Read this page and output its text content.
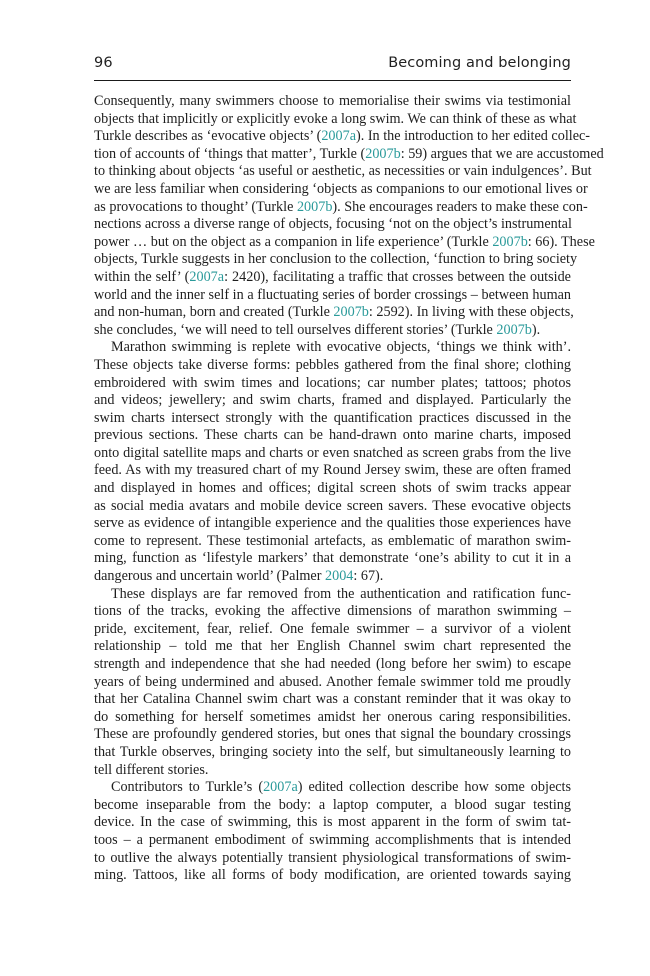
96	Becoming and belonging

Consequently, many swimmers choose to memorialise their swims via testimonial
objects that implicitly or explicitly evoke a long swim. We can think of these as what
Turkle describes as ‘evocative objects’ (2007a). In the introduction to her edited collec-
tion of accounts of ‘things that matter’, Turkle (2007b: 59) argues that we are accustomed
to thinking about objects ‘as useful or aesthetic, as necessities or vain indulgences’. But
we are less familiar when considering ‘objects as companions to our emotional lives or
as provocations to thought’ (Turkle 2007b). She encourages readers to make these con-
nections across a diverse range of objects, focusing ‘not on the object’s instrumental
power … but on the object as a companion in life experience’ (Turkle 2007b: 66). These
objects, Turkle suggests in her conclusion to the collection, ‘function to bring society
within the self’ (2007a: 2420), facilitating a traffic that crosses between the outside
world and the inner self in a fluctuating series of border crossings – between human
and non-human, born and created (Turkle 2007b: 2592). In living with these objects,
she concludes, ‘we will need to tell ourselves different stories’ (Turkle 2007b).

Marathon swimming is replete with evocative objects, ‘things we think with’.
These objects take diverse forms: pebbles gathered from the final shore; clothing
embroidered with swim times and locations; car number plates; tattoos; photos
and videos; jewellery; and swim charts, framed and displayed. Particularly the
swim charts intersect strongly with the quantification practices discussed in the
previous sections. These charts can be hand-drawn onto marine charts, imposed
onto digital satellite maps and charts or even snatched as screen grabs from the live
feed. As with my treasured chart of my Round Jersey swim, these are often framed
and displayed in homes and offices; digital screen shots of swim tracks appear
as social media avatars and mobile device screen savers. These evocative objects
serve as evidence of intangible experience and the qualities those experiences have
come to represent. These testimonial artefacts, as emblematic of marathon swim-
ming, function as ‘lifestyle markers’ that demonstrate ‘one’s ability to cut it in a
dangerous and uncertain world’ (Palmer 2004: 67).

These displays are far removed from the authentication and ratification func-
tions of the tracks, evoking the affective dimensions of marathon swimming –
pride, excitement, fear, relief. One female swimmer – a survivor of a violent
relationship – told me that her English Channel swim chart represented the
strength and independence that she had needed (long before her swim) to escape
years of being undermined and abused. Another female swimmer told me proudly
that her Catalina Channel swim chart was a constant reminder that it was okay to
do something for herself sometimes amidst her onerous caring responsibilities.
These are profoundly gendered stories, but ones that signal the boundary crossings
that Turkle observes, bringing society into the self, but simultaneously learning to
tell different stories.

Contributors to Turkle’s (2007a) edited collection describe how some objects
become inseparable from the body: a laptop computer, a blood sugar testing
device. In the case of swimming, this is most apparent in the form of swim tat-
toos – a permanent embodiment of swimming accomplishments that is intended
to outlive the always potentially transient physiological transformations of swim-
ming. Tattoos, like all forms of body modification, are oriented towards saying
